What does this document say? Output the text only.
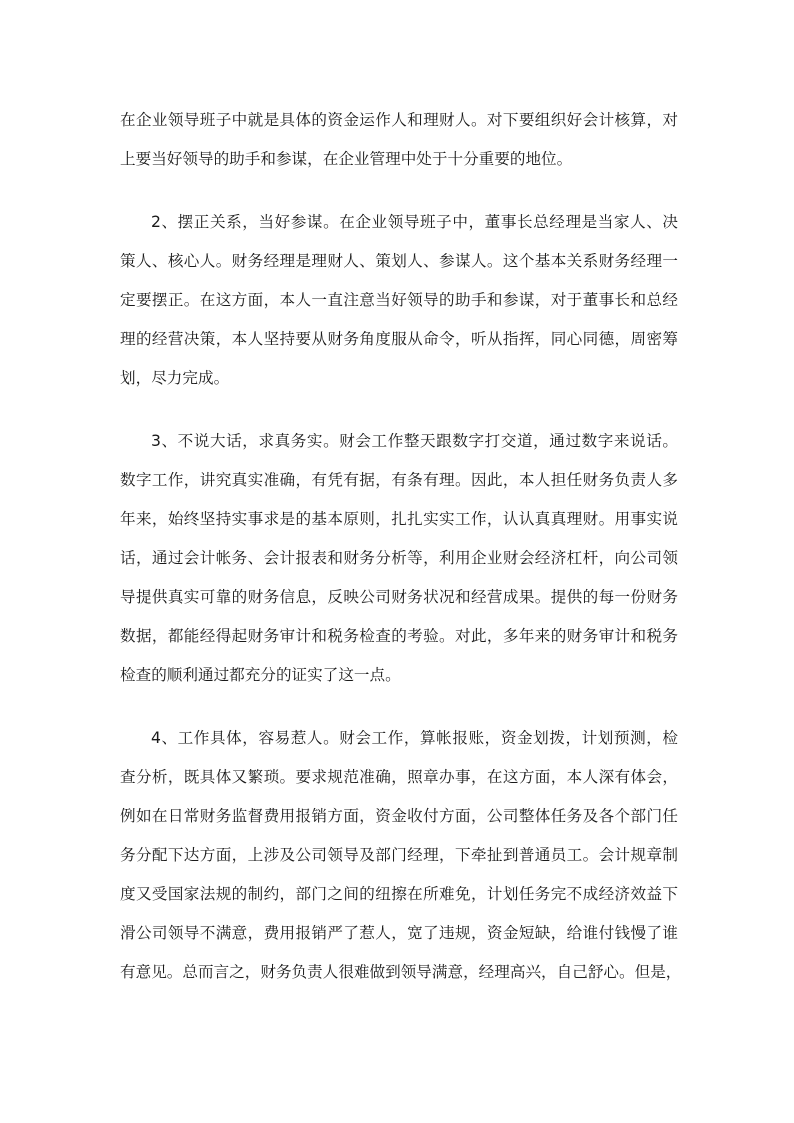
在企业领导班子中就是具体的资金运作人和理财人。对下要组织好会计核算，对
上要当好领导的助手和参谋，在企业管理中处于十分重要的地位。
2、摆正关系，当好参谋。在企业领导班子中，董事长总经理是当家人、决
策人、核心人。财务经理是理财人、策划人、参谋人。这个基本关系财务经理一
定要摆正。在这方面，本人一直注意当好领导的助手和参谋，对于董事长和总经
理的经营决策，本人坚持要从财务角度服从命令，听从指挥，同心同德，周密筹
划，尽力完成。
3、不说大话，求真务实。财会工作整天跟数字打交道，通过数字来说话。
数字工作，讲究真实准确，有凭有据，有条有理。因此，本人担任财务负责人多
年来，始终坚持实事求是的基本原则，扎扎实实工作，认认真真理财。用事实说
话，通过会计帐务、会计报表和财务分析等，利用企业财会经济杠杆，向公司领
导提供真实可靠的财务信息，反映公司财务状况和经营成果。提供的每一份财务
数据，都能经得起财务审计和税务检查的考验。对此，多年来的财务审计和税务
检查的顺利通过都充分的证实了这一点。
4、工作具体，容易惹人。财会工作，算帐报账，资金划拨，计划预测，检
查分析，既具体又繁琐。要求规范准确，照章办事，在这方面，本人深有体会，
例如在日常财务监督费用报销方面，资金收付方面，公司整体任务及各个部门任
务分配下达方面，上涉及公司领导及部门经理，下牵扯到普通员工。会计规章制
度又受国家法规的制约，部门之间的纽擦在所难免，计划任务完不成经济效益下
滑公司领导不满意，费用报销严了惹人，宽了违规，资金短缺，给谁付钱慢了谁
有意见。总而言之，财务负责人很难做到领导满意，经理高兴，自己舒心。但是，
